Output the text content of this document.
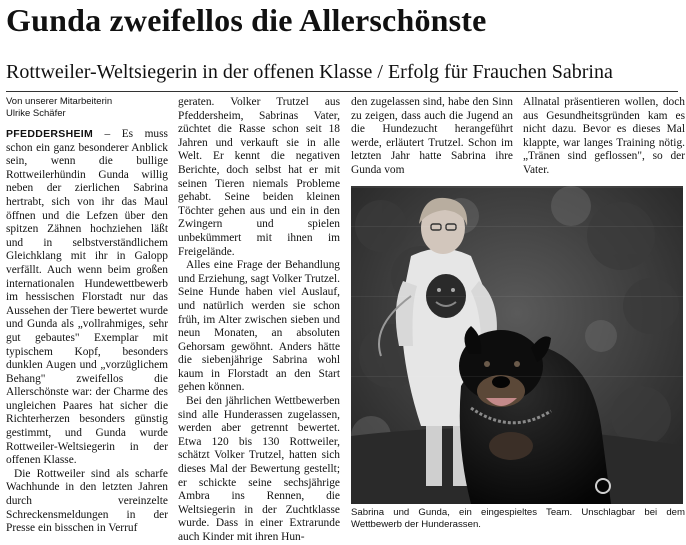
Gunda zweifellos die Allerschönste
Rottweiler-Weltsiegerin in der offenen Klasse / Erfolg für Frauchen Sabrina
Von unserer Mitarbeiterin
Ulrike Schäfer

PFEDDERSHEIM – Es muss schon ein ganz besonderer Anblick sein, wenn die bullige Rottweilerhündin Gunda willig neben der zierlichen Sabrina hertrabt, sich von ihr das Maul öffnen und die Lefzen über den spitzen Zähnen hochziehen läßt und in selbstverständlichem Gleichklang mit ihr in Galopp verfällt. Auch wenn beim großen internationalen Hundewettbewerb im hessischen Florstadt nur das Aussehen der Tiere bewertet wurde und Gunda als „vollrahmiges, sehr gut gebautes" Exemplar mit typischem Kopf, besonders dunklen Augen und „vorzüglichem Behang" zweifellos die Allerschönste war: der Charme des ungleichen Paares hat sicher die Richterherzen besonders günstig gestimmt, und Gunda wurde Rottweiler-Weltsiegerin in der offenen Klasse.

Die Rottweiler sind als scharfe Wachhunde in den letzten Jahren durch vereinzelte Schreckensmeldungen in der Presse ein bisschen in Verruf

geraten. Volker Trutzel aus Pfeddersheim, Sabrinas Vater, züchtet die Rasse schon seit 18 Jahren und verkauft sie in alle Welt. Er kennt die negativen Berichte, doch selbst hat er mit seinen Tieren niemals Probleme gehabt. Seine beiden kleinen Töchter gehen aus und ein in den Zwingern und spielen unbekümmert mit ihnen im Freigelände.

Alles eine Frage der Behandlung und Erziehung, sagt Volker Trutzel. Seine Hunde haben viel Auslauf, und natürlich werden sie schon früh, im Alter zwischen sieben und neun Monaten, an absoluten Gehorsam gewöhnt. Anders hätte die siebenjährige Sabrina wohl kaum in Florstadt an den Start gehen können.

Bei den jährlichen Wettbewerben sind alle Hunderassen zugelassen, werden aber getrennt bewertet. Etwa 120 bis 130 Rottweiler, schätzt Volker Trutzel, hatten sich dieses Mal der Bewertung gestellt; er schickte seine sechsjährige Ambra ins Rennen, die Weltsiegerin in der Zuchtklasse wurde. Dass in einer Extrarunde auch Kinder mit ihren Hun-

den zugelassen sind, habe den Sinn zu zeigen, dass auch die Jugend an die Hundezucht herangeführt werde, erläutert Trutzel. Schon im letzten Jahr hatte Sabrina ihre Gunda vom

Allnatal präsentieren wollen, doch aus Gesundheitsgründen kam es nicht dazu. Bevor es dieses Mal klappte, war langes Training nötig. „Tränen sind geflossen", so der Vater.

Sabrina und Gunda, ein eingespieltes Team. Unschlagbar bei dem Wettbewerb der Hunderassen.
